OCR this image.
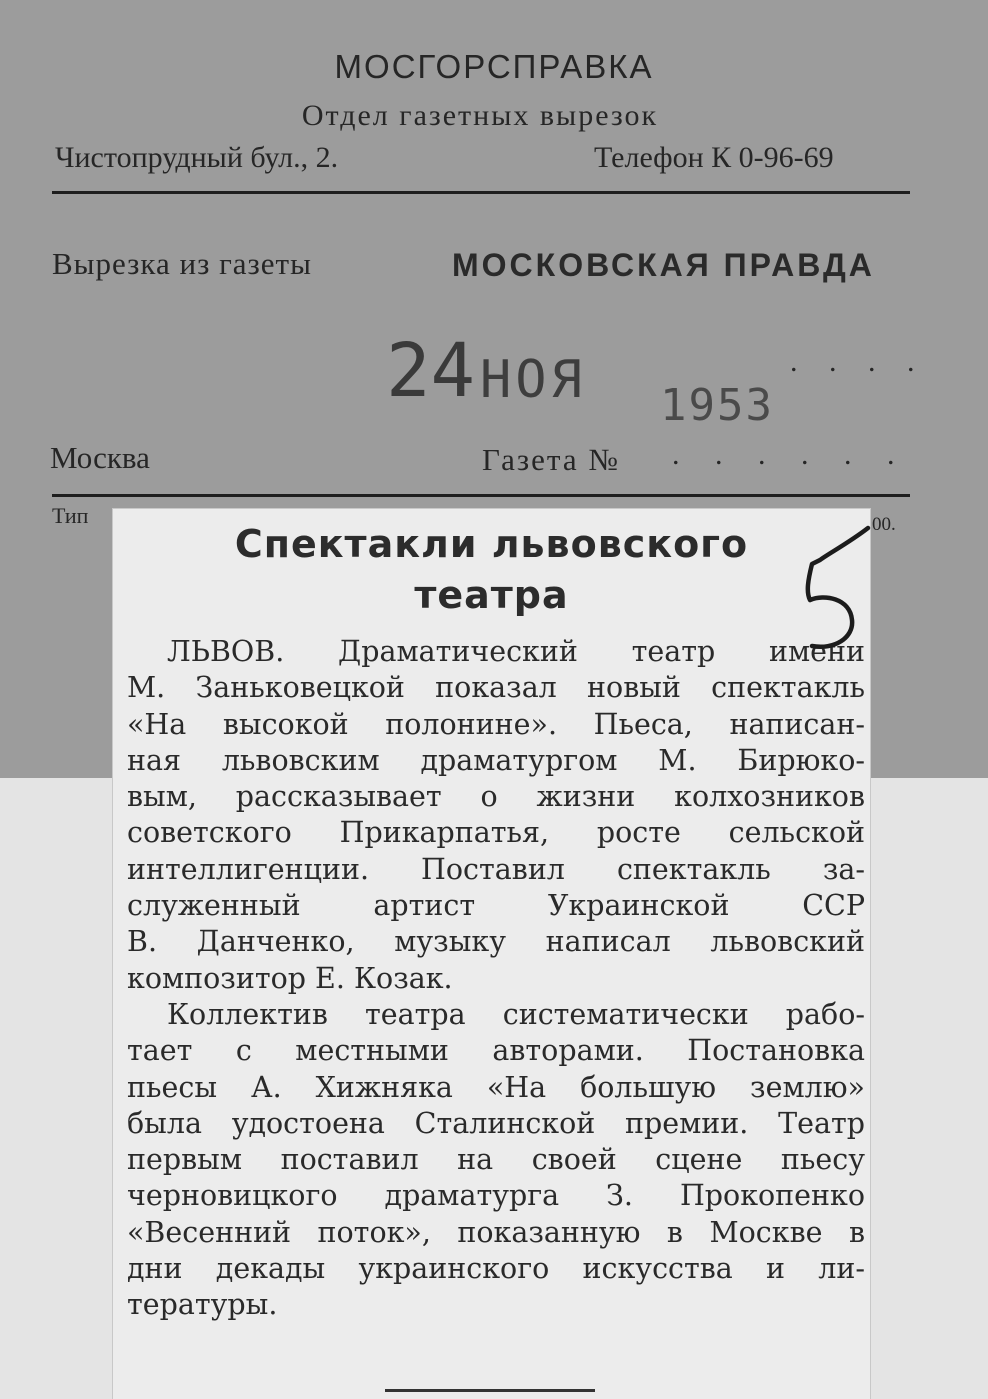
МОСГОРСПРАВКА
Отдел газетных вырезок
Чистопрудный бул., 2.	Телефон К 0-96-69
Вырезка из газеты	МОСКОВСКАЯ ПРАВДА
24 НОЯ 1953
. . . .
Москва	Газета № . . . . . .
Тип	00.
Спектакли львовского
театра
ЛЬВОВ. Драматический театр имени
М. Заньковецкой показал новый спектакль
«На высокой полонине». Пьеса, написан-
ная львовским драматургом М. Бирюко-
вым, рассказывает о жизни колхозников
советского Прикарпатья, росте сельской
интеллигенции. Поставил спектакль за-
служенный артист Украинской ССР
В. Данченко, музыку написал львовский
композитор Е. Козак.
Коллектив театра систематически рабо-
тает с местными авторами. Постановка
пьесы А. Хижняка «На большую землю»
была удостоена Сталинской премии. Театр
первым поставил на своей сцене пьесу
черновицкого драматурга З. Прокопенко
«Весенний поток», показанную в Москве в
дни декады украинского искусства и ли-
тературы.
